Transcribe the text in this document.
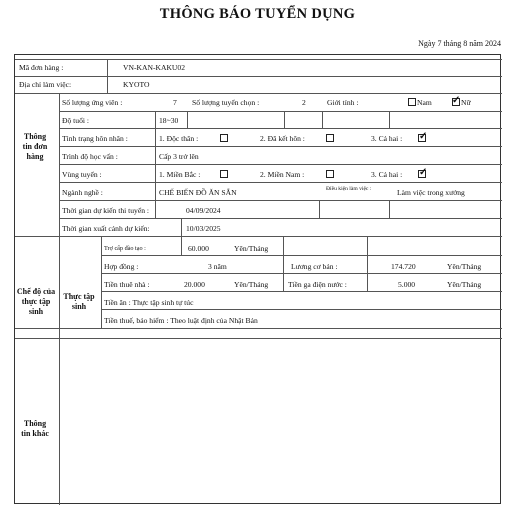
THÔNG BÁO TUYỂN DỤNG
Ngày 7 tháng 8 năm 2024
Mã đơn hàng :	VN-KAN-KAKU02
Địa chỉ làm việc:	KYOTO
Thông tin đơn hàng
Số lượng ứng viên :	7 Số lượng tuyển chọn :	2	Giới tính :	Nam ✓ Nữ
Độ tuổi :	18~30
Tình trạng hôn nhân :	1. Độc thân :	2. Đã kết hôn :	3. Cả hai : ✓
Trình độ học vấn :	Cấp 3 trở lên
Vùng tuyển :	1. Miền Bắc :	2. Miền Nam :	3. Cả hai : ✓
Ngành nghề :	CHẾ BIẾN ĐỒ ĂN SẴN	Điều kiện làm việc :	Làm việc trong xưởng
Thời gian dự kiến thi tuyển :	04/09/2024
Thời gian xuất cảnh dự kiến:	10/03/2025
Chế độ của thực tập sinh
Thực tập sinh
Trợ cấp đào tạo :	60.000	Yên/Tháng
Hợp đồng :	3 năm	Lương cơ bản :	174.720	Yên/Tháng
Tiền thuê nhà :	20.000	Yên/Tháng	Tiền ga điện nước :	5.000	Yên/Tháng
Tiền ăn : Thực tập sinh tự túc
Tiền thuế, bảo hiểm : Theo luật định của Nhật Bản
Thông tin khác
